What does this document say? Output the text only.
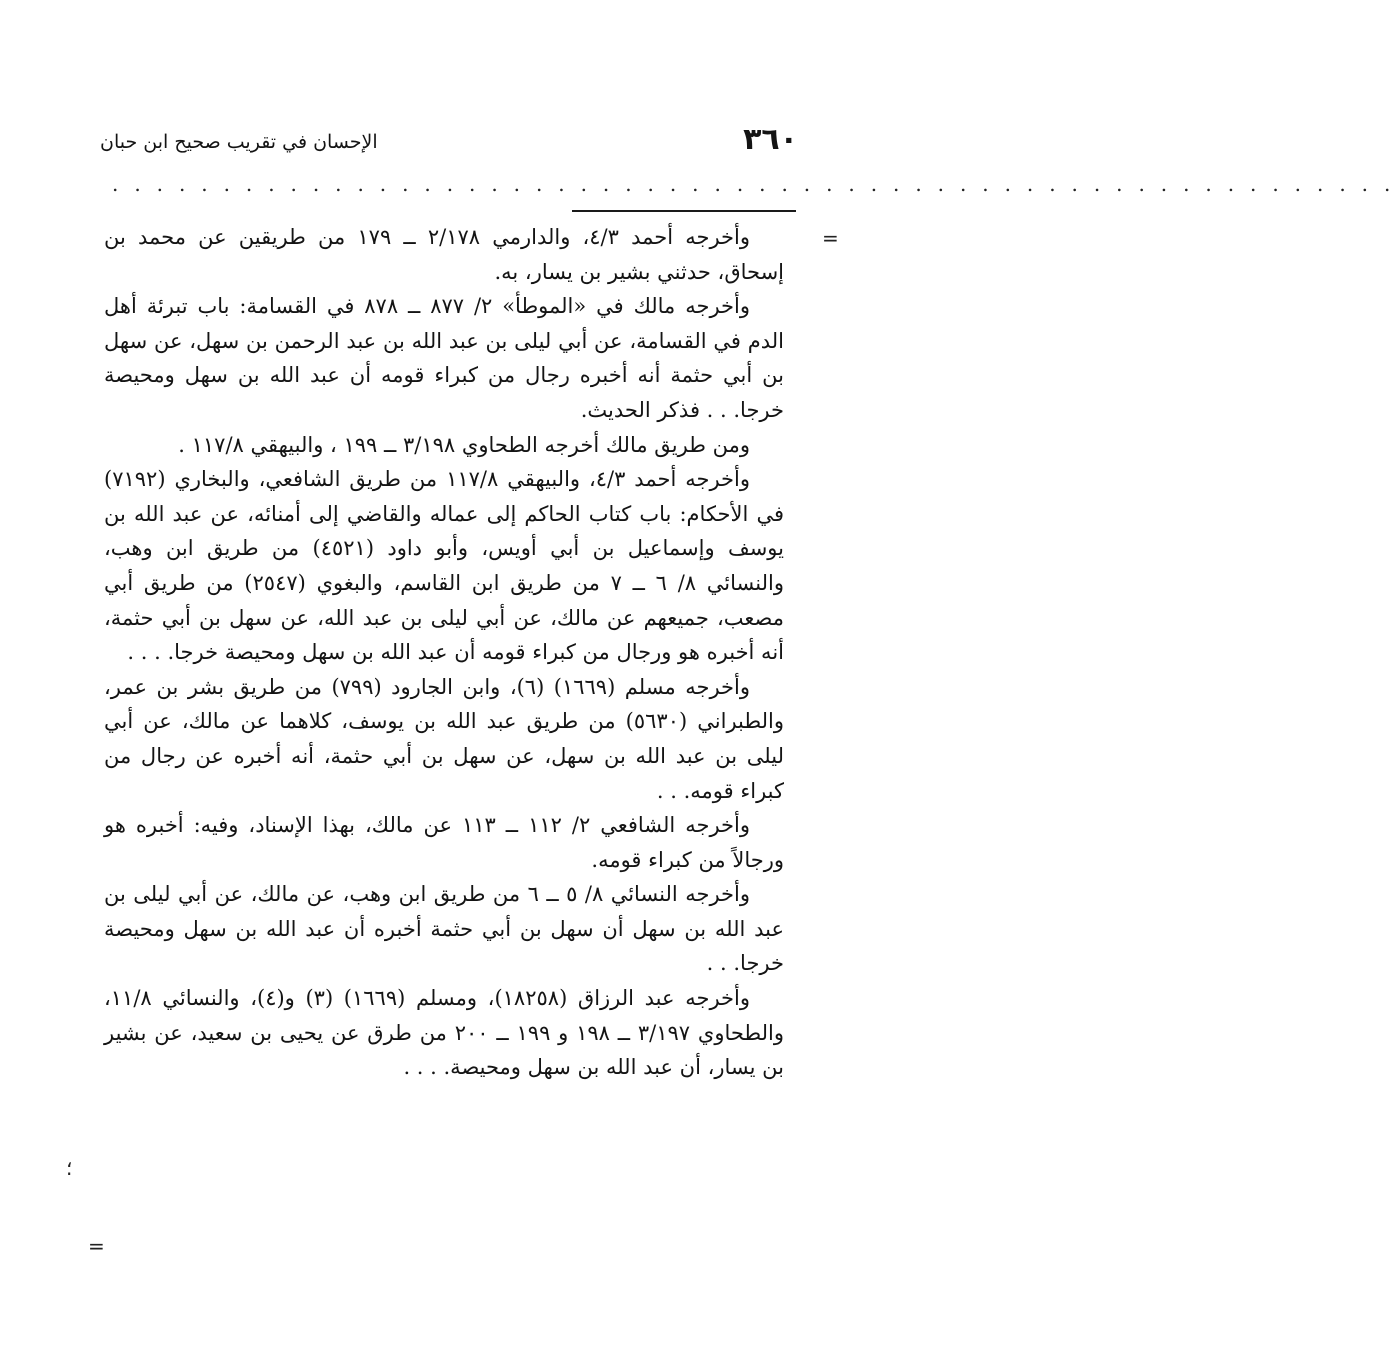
٣٦٠
الإحسان في تقريب صحيح ابن حبان
. . . . . . . . . . . . . . . . . . . . . . . . . . . . . . . . . . . . . . . . . . . . . . . . . . . . . . . . . .
=
؛
=

وأخرجه أحمد ٤/٣، والدارمي ٢/١٧٨ ــ ١٧٩ من طريقين عن محمد بن إسحاق، حدثني بشير بن يسار، به.

وأخرجه مالك في «الموطأ» ٢/ ٨٧٧ ــ ٨٧٨ في القسامة: باب تبرئة أهل الدم في القسامة، عن أبي ليلى بن عبد الله بن عبد الرحمن بن سهل، عن سهل بن أبي حثمة أنه أخبره رجال من كبراء قومه أن عبد الله بن سهل ومحيصة خرجا. . . فذكر الحديث.

ومن طريق مالك أخرجه الطحاوي ٣/١٩٨ ــ ١٩٩ ، والبيهقي ١١٧/٨ .

وأخرجه أحمد ٤/٣، والبيهقي ١١٧/٨ من طريق الشافعي، والبخاري (٧١٩٢) في الأحكام: باب كتاب الحاكم إلى عماله والقاضي إلى أمنائه، عن عبد الله بن يوسف وإسماعيل بن أبي أويس، وأبو داود (٤٥٢١) من طريق ابن وهب، والنسائي ٨/ ٦ ــ ٧ من طريق ابن القاسم، والبغوي (٢٥٤٧) من طريق أبي مصعب، جميعهم عن مالك، عن أبي ليلى بن عبد الله، عن سهل بن أبي حثمة، أنه أخبره هو ورجال من كبراء قومه أن عبد الله بن سهل ومحيصة خرجا. . . .

وأخرجه مسلم (١٦٦٩) (٦)، وابن الجارود (٧٩٩) من طريق بشر بن عمر، والطبراني (٥٦٣٠) من طريق عبد الله بن يوسف، كلاهما عن مالك، عن أبي ليلى بن عبد الله بن سهل، عن سهل بن أبي حثمة، أنه أخبره عن رجال من كبراء قومه. . .

وأخرجه الشافعي ٢/ ١١٢ ــ ١١٣ عن مالك، بهذا الإسناد، وفيه: أخبره هو ورجالاً من كبراء قومه.

وأخرجه النسائي ٨/ ٥ ــ ٦ من طريق ابن وهب، عن مالك، عن أبي ليلى بن عبد الله بن سهل أن سهل بن أبي حثمة أخبره أن عبد الله بن سهل ومحيصة خرجا. . .

وأخرجه عبد الرزاق (١٨٢٥٨)، ومسلم (١٦٦٩) (٣) و(٤)، والنسائي ١١/٨، والطحاوي ٣/١٩٧ ــ ١٩٨ و ١٩٩ ــ ٢٠٠ من طرق عن يحيى بن سعيد، عن بشير بن يسار، أن عبد الله بن سهل ومحيصة. . . .
